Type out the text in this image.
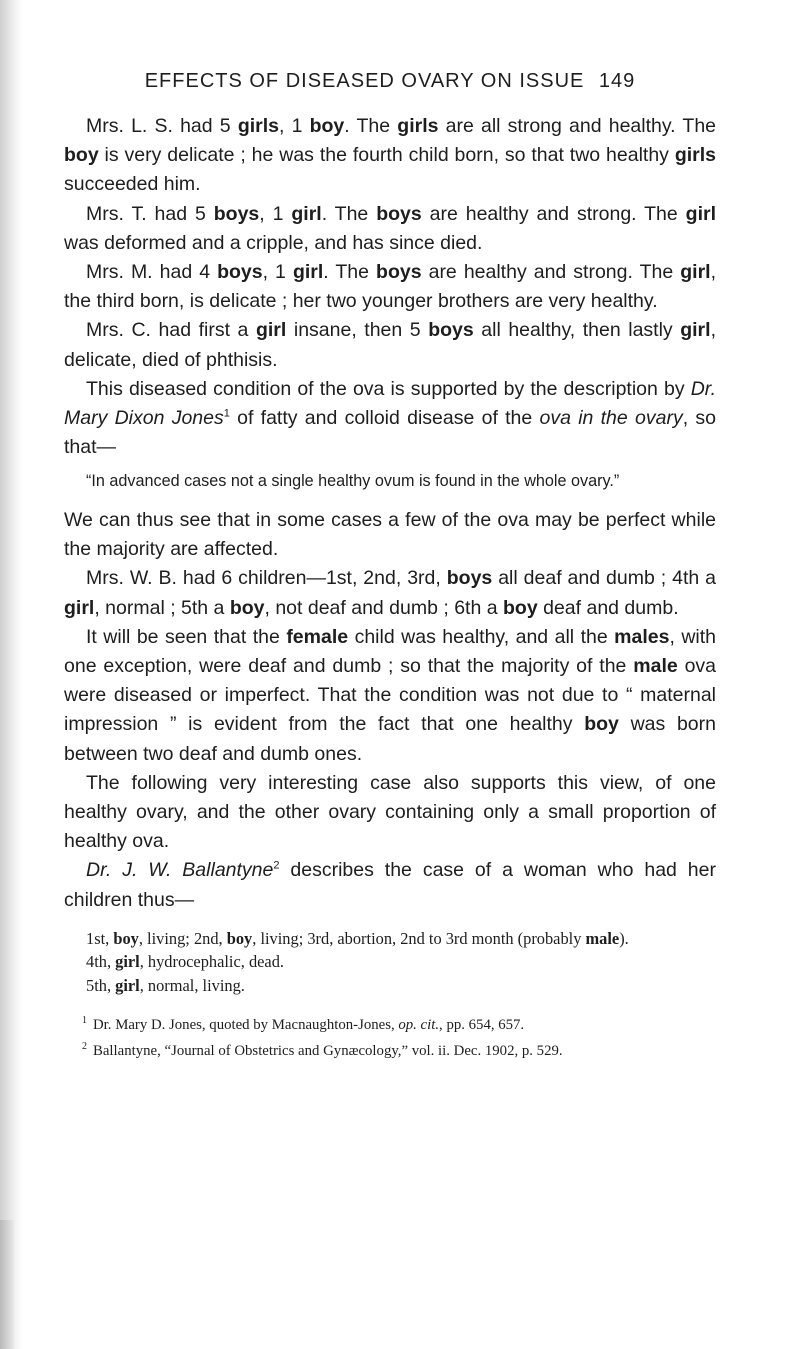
EFFECTS OF DISEASED OVARY ON ISSUE 149

Mrs. L. S. had 5 girls, 1 boy. The girls are all strong and healthy. The boy is very delicate ; he was the fourth child born, so that two healthy girls succeeded him.

Mrs. T. had 5 boys, 1 girl. The boys are healthy and strong. The girl was deformed and a cripple, and has since died.

Mrs. M. had 4 boys, 1 girl. The boys are healthy and strong. The girl, the third born, is delicate ; her two younger brothers are very healthy.

Mrs. C. had first a girl insane, then 5 boys all healthy, then lastly girl, delicate, died of phthisis.

This diseased condition of the ova is supported by the description by Dr. Mary Dixon Jones$^1$ of fatty and colloid disease of the ova in the ovary, so that—

“In advanced cases not a single healthy ovum is found in the whole ovary.”

We can thus see that in some cases a few of the ova may be perfect while the majority are affected.

Mrs. W. B. had 6 children—1st, 2nd, 3rd, boys all deaf and dumb ; 4th a girl, normal ; 5th a boy, not deaf and dumb ; 6th a boy deaf and dumb.

It will be seen that the female child was healthy, and all the males, with one exception, were deaf and dumb ; so that the majority of the male ova were diseased or imperfect. That the condition was not due to “ maternal impression ” is evident from the fact that one healthy boy was born between two deaf and dumb ones.

The following very interesting case also supports this view, of one healthy ovary, and the other ovary containing only a small proportion of healthy ova.

Dr. J. W. Ballantyne$^2$ describes the case of a woman who had her children thus—

1st, boy, living; 2nd, boy, living; 3rd, abortion, 2nd to 3rd month (probably male).

4th, girl, hydrocephalic, dead.

5th, girl, normal, living.

$^1$ Dr. Mary D. Jones, quoted by Macnaughton-Jones, op. cit., pp. 654, 657.

$^2$ Ballantyne, “Journal of Obstetrics and Gynæcology,” vol. ii. Dec. 1902, p. 529.
